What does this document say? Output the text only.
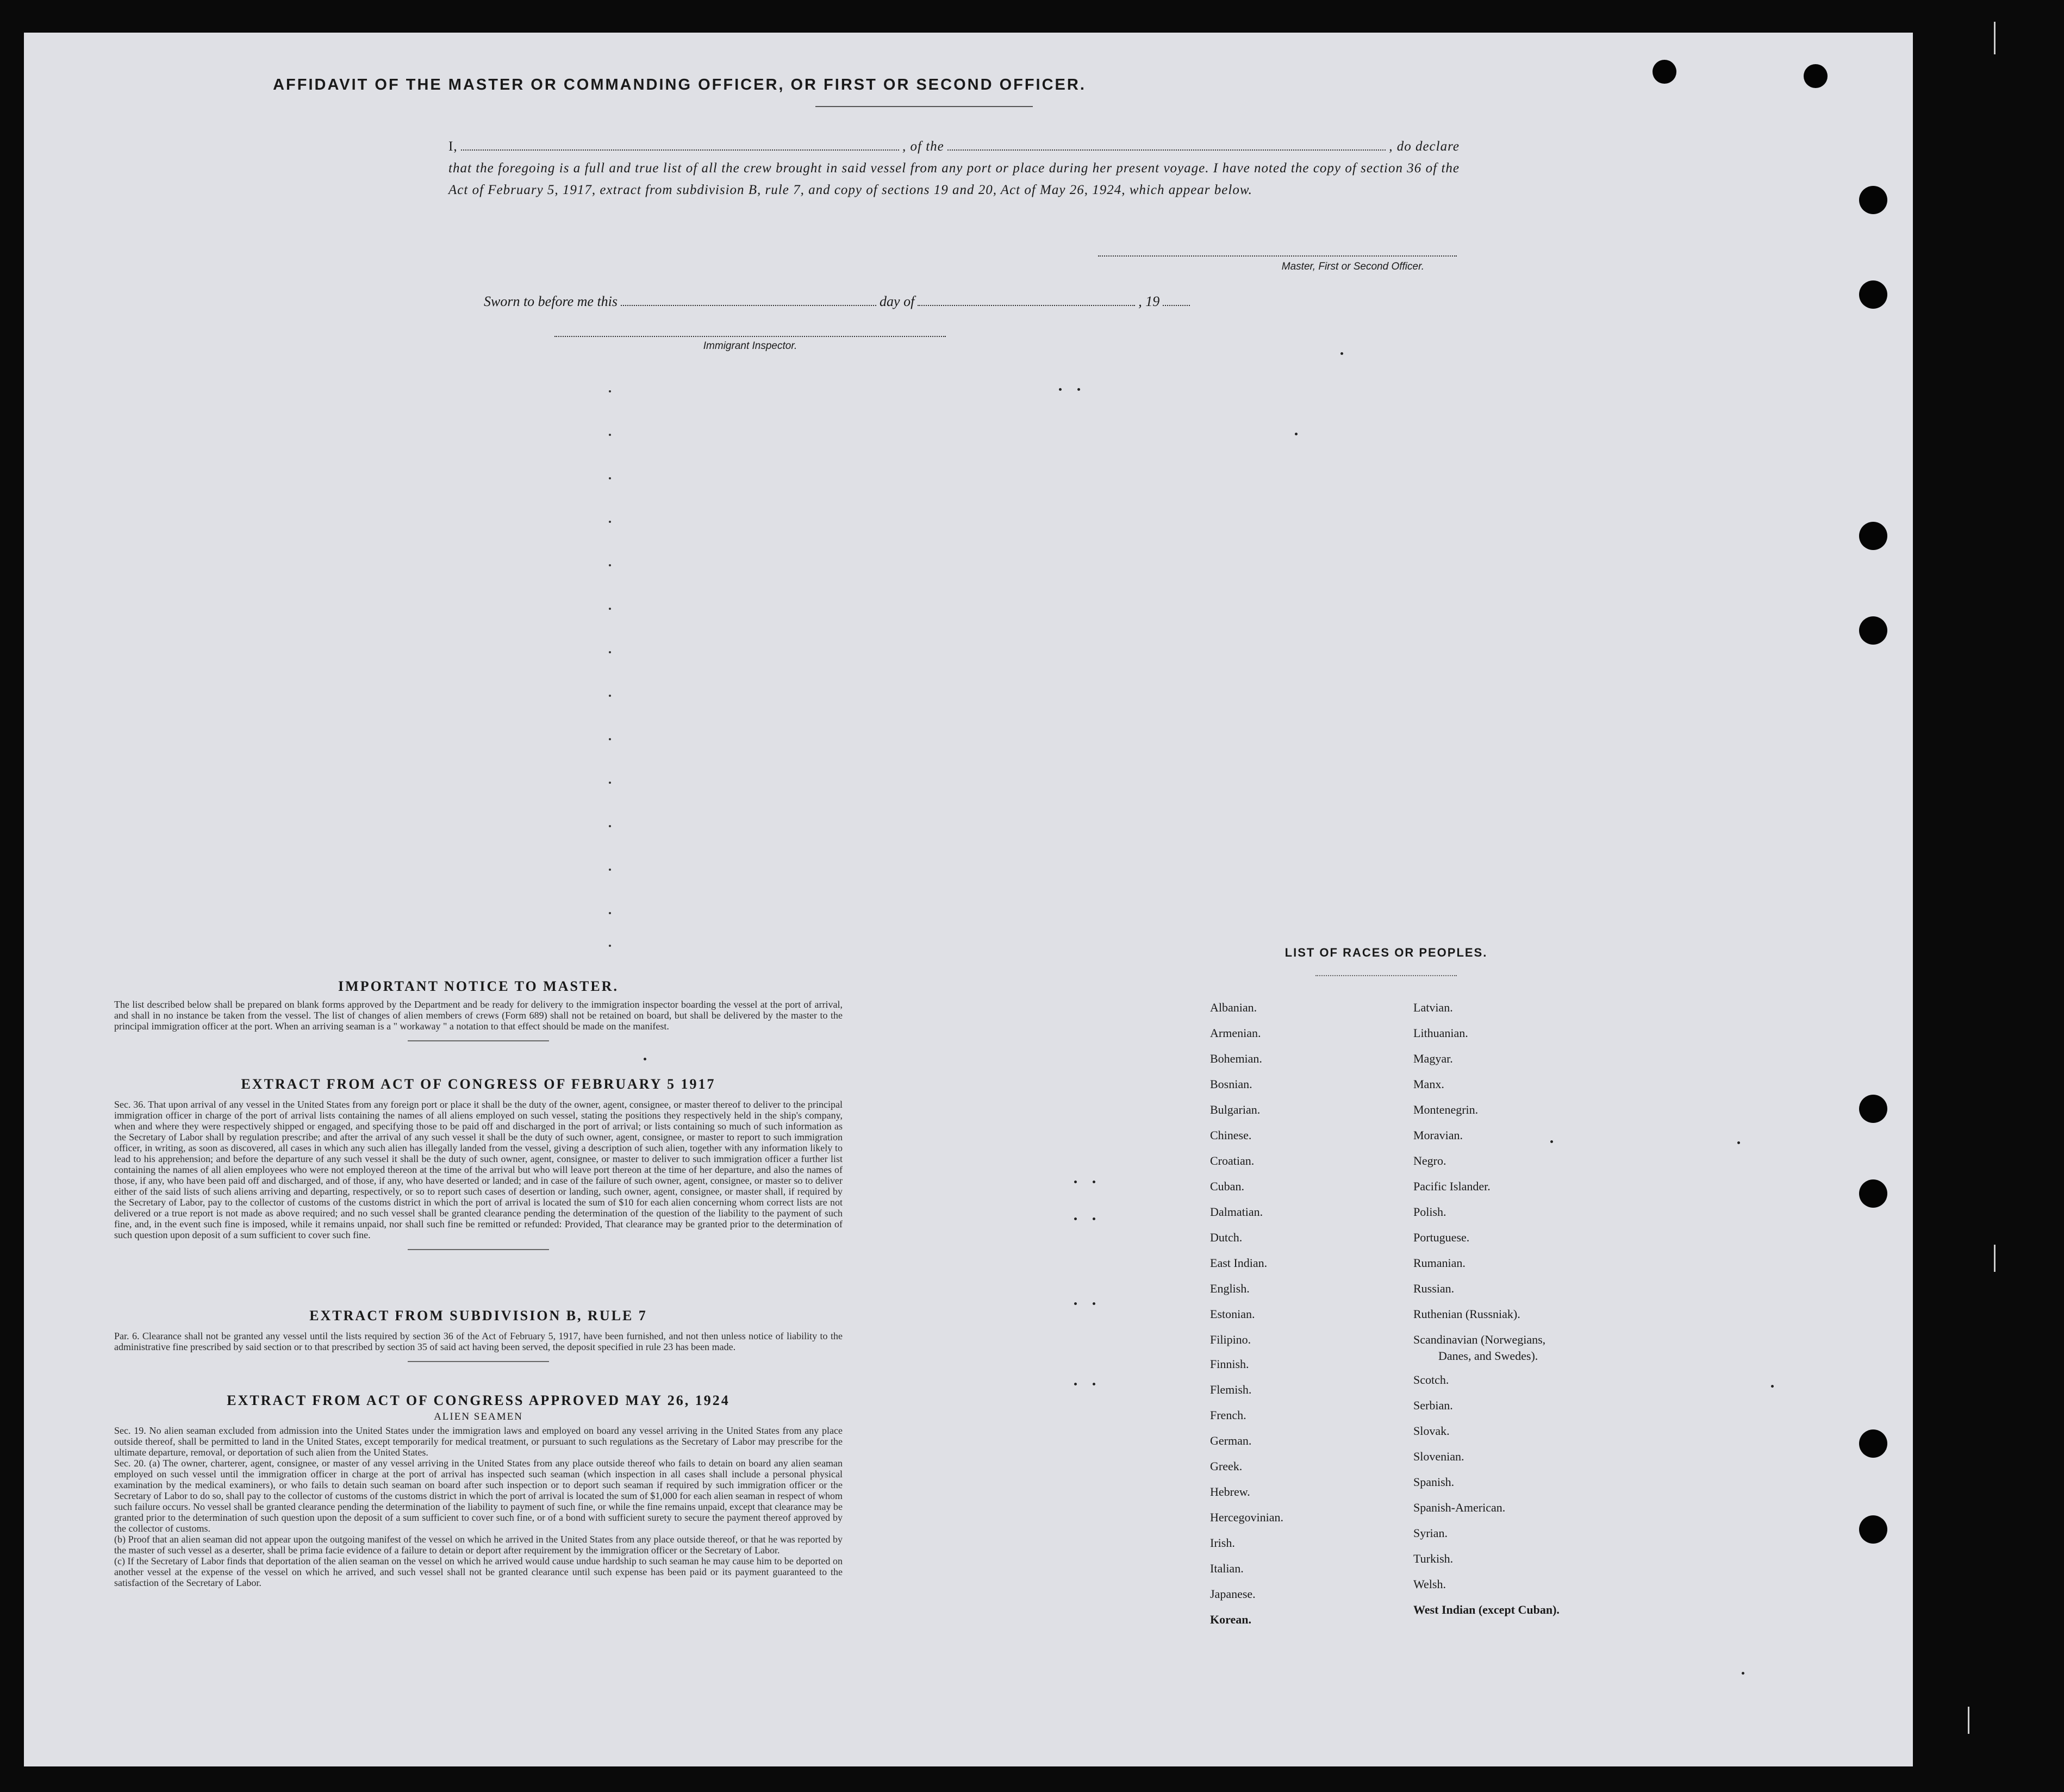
AFFIDAVIT OF THE MASTER OR COMMANDING OFFICER, OR FIRST OR SECOND OFFICER.
I,	, of the	, do declare
that the foregoing is a full and true list of all the crew brought in said vessel from any port or place during her present voyage. I have noted the copy of section 36 of the Act of February 5, 1917, extract from subdivision B, rule 7, and copy of sections 19 and 20, Act of May 26, 1924, which appear below.
Master, First or Second Officer.
Sworn to before me this	day of	, 19
Immigrant Inspector.
IMPORTANT NOTICE TO MASTER.
The list described below shall be prepared on blank forms approved by the Department and be ready for delivery to the immigration inspector boarding the vessel at the port of arrival, and shall in no instance be taken from the vessel. The list of changes of alien members of crews (Form 689) shall not be retained on board, but shall be delivered by the master to the principal immigration officer at the port. When an arriving seaman is a " workaway " a notation to that effect should be made on the manifest.
EXTRACT FROM ACT OF CONGRESS OF FEBRUARY 5 1917
Sec. 36. That upon arrival of any vessel in the United States from any foreign port or place it shall be the duty of the owner, agent, consignee, or master thereof to deliver to the principal immigration officer in charge of the port of arrival lists containing the names of all aliens employed on such vessel, stating the positions they respectively held in the ship's company, when and where they were respectively shipped or engaged, and specifying those to be paid off and discharged in the port of arrival; or lists containing so much of such information as the Secretary of Labor shall by regulation prescribe; and after the arrival of any such vessel it shall be the duty of such owner, agent, consignee, or master to report to such immigration officer, in writing, as soon as discovered, all cases in which any such alien has illegally landed from the vessel, giving a description of such alien, together with any information likely to lead to his apprehension; and before the departure of any such vessel it shall be the duty of such owner, agent, consignee, or master to deliver to such immigration officer a further list containing the names of all alien employees who were not employed thereon at the time of the arrival but who will leave port thereon at the time of her departure, and also the names of those, if any, who have been paid off and discharged, and of those, if any, who have deserted or landed; and in case of the failure of such owner, agent, consignee, or master so to deliver either of the said lists of such aliens arriving and departing, respectively, or so to report such cases of desertion or landing, such owner, agent, consignee, or master shall, if required by the Secretary of Labor, pay to the collector of customs of the customs district in which the port of arrival is located the sum of $10 for each alien concerning whom correct lists are not delivered or a true report is not made as above required; and no such vessel shall be granted clearance pending the determination of the question of the liability to the payment of such fine, and, in the event such fine is imposed, while it remains unpaid, nor shall such fine be remitted or refunded: Provided, That clearance may be granted prior to the determination of such question upon deposit of a sum sufficient to cover such fine.
EXTRACT FROM SUBDIVISION B, RULE 7
Par. 6. Clearance shall not be granted any vessel until the lists required by section 36 of the Act of February 5, 1917, have been furnished, and not then unless notice of liability to the administrative fine prescribed by said section or to that prescribed by section 35 of said act having been served, the deposit specified in rule 23 has been made.
EXTRACT FROM ACT OF CONGRESS APPROVED MAY 26, 1924
ALIEN SEAMEN
Sec. 19. No alien seaman excluded from admission into the United States under the immigration laws and employed on board any vessel arriving in the United States from any place outside thereof, shall be permitted to land in the United States, except temporarily for medical treatment, or pursuant to such regulations as the Secretary of Labor may prescribe for the ultimate departure, removal, or deportation of such alien from the United States.
Sec. 20. (a) The owner, charterer, agent, consignee, or master of any vessel arriving in the United States from any place outside thereof who fails to detain on board any alien seaman employed on such vessel until the immigration officer in charge at the port of arrival has inspected such seaman (which inspection in all cases shall include a personal physical examination by the medical examiners), or who fails to detain such seaman on board after such inspection or to deport such seaman if required by such immigration officer or the Secretary of Labor to do so, shall pay to the collector of customs of the customs district in which the port of arrival is located the sum of $1,000 for each alien seaman in respect of whom such failure occurs. No vessel shall be granted clearance pending the determination of the liability to payment of such fine, or while the fine remains unpaid, except that clearance may be granted prior to the determination of such question upon the deposit of a sum sufficient to cover such fine, or of a bond with sufficient surety to secure the payment thereof approved by the collector of customs.
(b) Proof that an alien seaman did not appear upon the outgoing manifest of the vessel on which he arrived in the United States from any place outside thereof, or that he was reported by the master of such vessel as a deserter, shall be prima facie evidence of a failure to detain or deport after requirement by the immigration officer or the Secretary of Labor.
(c) If the Secretary of Labor finds that deportation of the alien seaman on the vessel on which he arrived would cause undue hardship to such seaman he may cause him to be deported on another vessel at the expense of the vessel on which he arrived, and such vessel shall not be granted clearance until such expense has been paid or its payment guaranteed to the satisfaction of the Secretary of Labor.
LIST OF RACES OR PEOPLES.
Albanian.
Armenian.
Bohemian.
Bosnian.
Bulgarian.
Chinese.
Croatian.
Cuban.
Dalmatian.
Dutch.
East Indian.
English.
Estonian.
Filipino.
Finnish.
Flemish.
French.
German.
Greek.
Hebrew.
Hercegovinian.
Irish.
Italian.
Japanese.
Korean.
Latvian.
Lithuanian.
Magyar.
Manx.
Montenegrin.
Moravian.
Negro.
Pacific Islander.
Polish.
Portuguese.
Rumanian.
Russian.
Ruthenian (Russniak).
Scandinavian (Norwegians,
Danes, and Swedes).
Scotch.
Serbian.
Slovak.
Slovenian.
Spanish.
Spanish-American.
Syrian.
Turkish.
Welsh.
West Indian (except Cuban).
